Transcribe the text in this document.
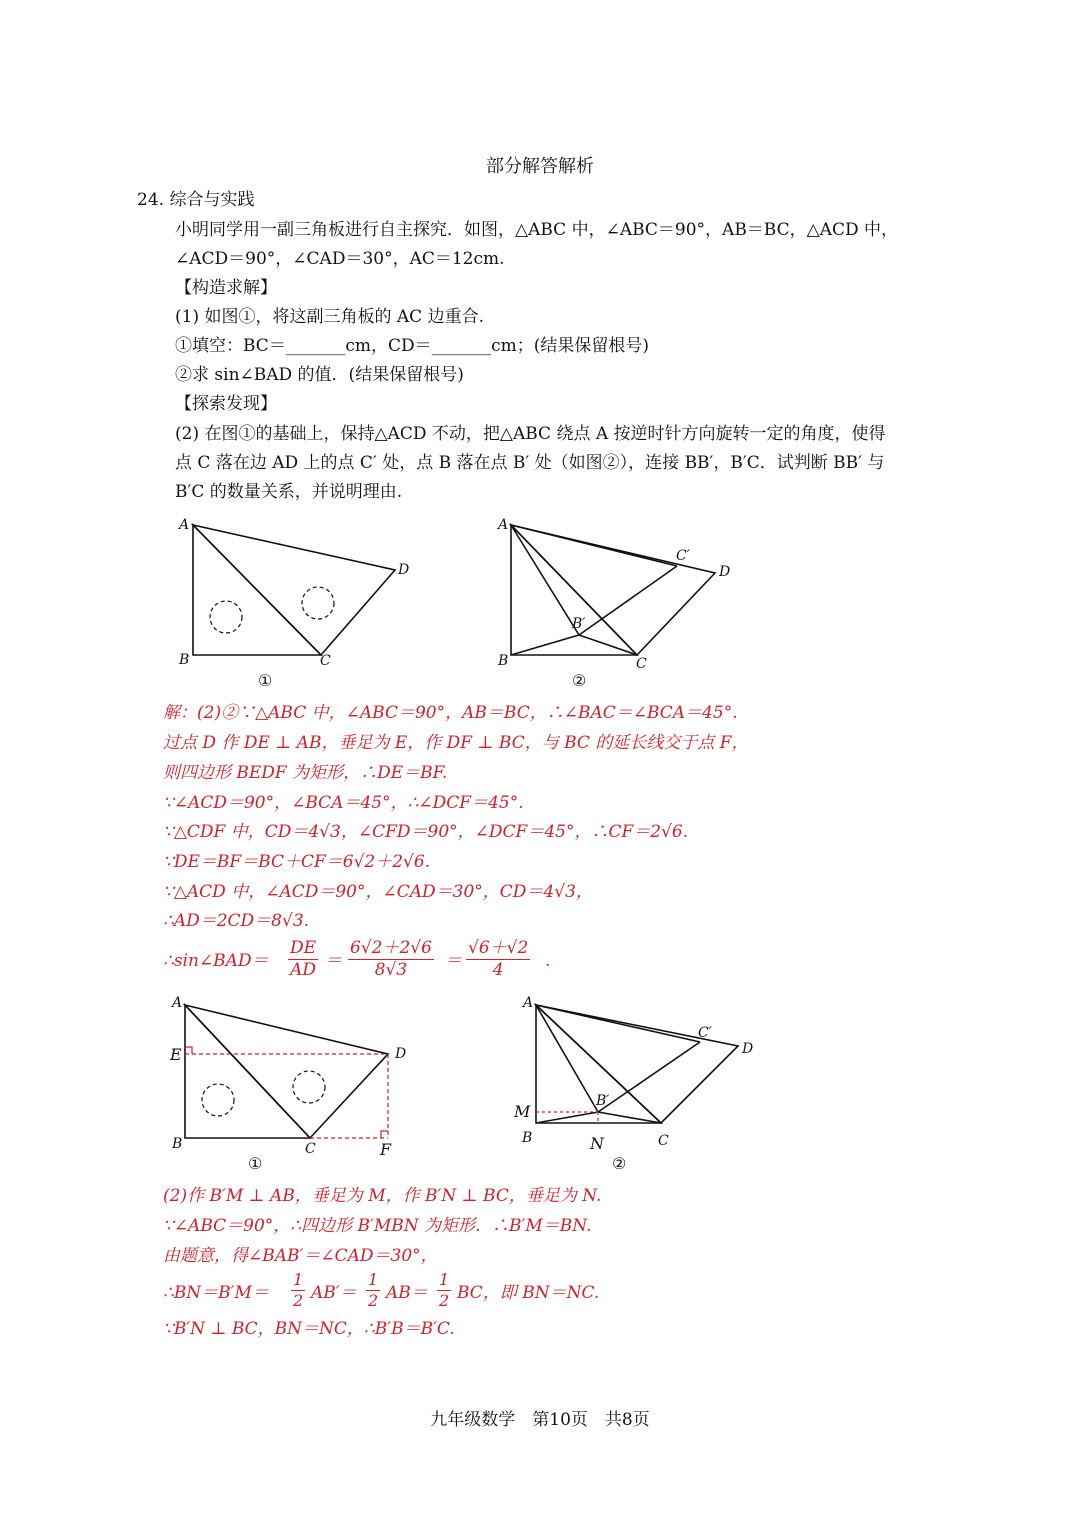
部分解答解析
24. 综合与实践
小明同学用一副三角板进行自主探究．如图，△ABC 中，∠ABC＝90°，AB＝BC，△ACD 中，
∠ACD＝90°，∠CAD＝30°，AC＝12cm.
【构造求解】
(1) 如图①，将这副三角板的 AC 边重合.
①填空：BC＝_______cm，CD＝_______cm；(结果保留根号)
②求 sin∠BAD 的值．(结果保留根号)
【探索发现】
(2) 在图①的基础上，保持△ACD 不动，把△ABC 绕点 A 按逆时针方向旋转一定的角度，使得
点 C 落在边 AD 上的点 C′ 处，点 B 落在点 B′ 处（如图②），连接 BB′，B′C．试判断 BB′ 与
B′C 的数量关系，并说明理由.
A
B	C
D
①
A
B	C
D
C′
B′
②
解：(2)②∵△ABC 中，∠ABC＝90°，AB＝BC，∴∠BAC＝∠BCA＝45°.
过点 D 作 DE ⊥ AB，垂足为 E，作 DF ⊥ BC，与 BC 的延长线交于点 F，
则四边形 BEDF 为矩形，∴DE＝BF.
∵∠ACD＝90°，∠BCA＝45°，∴∠DCF＝45°.
∵△CDF 中，CD＝4√3，∠CFD＝90°，∠DCF＝45°，∴CF＝2√6.
∵DE＝BF＝BC＋CF＝6√2＋2√6.
∵△ACD 中，∠ACD＝90°，∠CAD＝30°，CD＝4√3，
∴AD＝2CD＝8√3.
∴sin∠BAD＝ $\frac{DE}{AD} = \frac{6√2+2√6}{8√3} = \frac{√6+√2}{4}$ .
A
E
B	C
D
F
①
A
M
B	N	C
D
C′
B′
②
(2)作 B′M ⊥ AB，垂足为 M，作 B′N ⊥ BC，垂足为 N.
∵∠ABC＝90°，∴四边形 B′MBN 为矩形．∴B′M＝BN.
由题意，得∠BAB′＝∠CAD＝30°，
∴BN＝B′M＝ $\frac{1}{2} AB'= \frac{1}{2} AB= \frac{1}{2}$ BC，即 BN＝NC.
∵B′N ⊥ BC，BN＝NC，∴B′B＝B′C.
九年级数学　第10页　共8页
